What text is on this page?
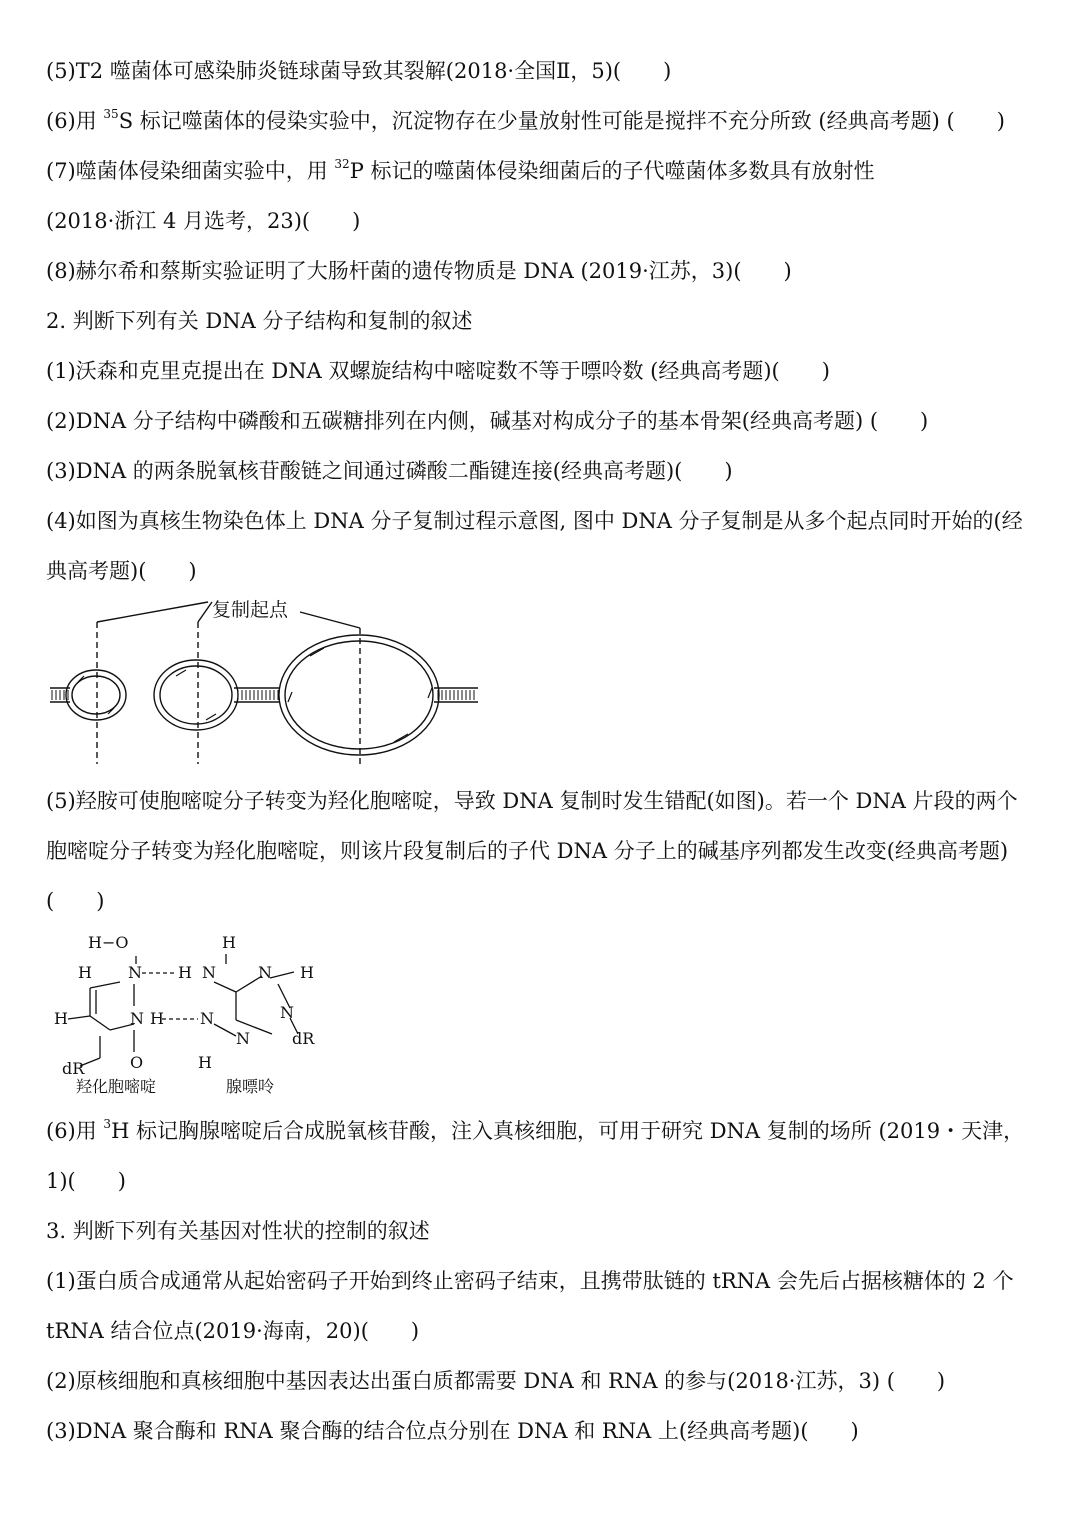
(5)T2 噬菌体可感染肺炎链球菌导致其裂解(2018·全国Ⅱ，5)(　　)
(6)用 $^{35}$S 标记噬菌体的侵染实验中，沉淀物存在少量放射性可能是搅拌不充分所致 (经典高考题) (　　)
(7)噬菌体侵染细菌实验中，用 $^{32}$P 标记的噬菌体侵染细菌后的子代噬菌体多数具有放射性
(2018·浙江 4 月选考，23)(　　)
(8)赫尔希和蔡斯实验证明了大肠杆菌的遗传物质是 DNA (2019·江苏，3)(　　)
2. 判断下列有关 DNA 分子结构和复制的叙述
(1)沃森和克里克提出在 DNA 双螺旋结构中嘧啶数不等于嘌呤数 (经典高考题)(　　)
(2)DNA 分子结构中磷酸和五碳糖排列在内侧，碱基对构成分子的基本骨架(经典高考题) (　　)
(3)DNA 的两条脱氧核苷酸链之间通过磷酸二酯键连接(经典高考题)(　　)
(4)如图为真核生物染色体上 DNA 分子复制过程示意图, 图中 DNA 分子复制是从多个起点同时开始的(经
典高考题)(　　)
复制起点
(5)羟胺可使胞嘧啶分子转变为羟化胞嘧啶，导致 DNA 复制时发生错配(如图)。若一个 DNA 片段的两个
胞嘧啶分子转变为羟化胞嘧啶，则该片段复制后的子代 DNA 分子上的碱基序列都发生改变(经典高考题)
(　　)
H−O
N H
H
N
H
N H
H	N
N H
N
N
O
dR
dR
H
羟化胞嘧啶	腺嘌呤
(6)用 $^3$H 标记胸腺嘧啶后合成脱氧核苷酸，注入真核细胞，可用于研究 DNA 复制的场所 (2019・天津，
1)(　　)
3. 判断下列有关基因对性状的控制的叙述
(1)蛋白质合成通常从起始密码子开始到终止密码子结束，且携带肽链的 tRNA 会先后占据核糖体的 2 个
tRNA 结合位点(2019·海南，20)(　　)
(2)原核细胞和真核细胞中基因表达出蛋白质都需要 DNA 和 RNA 的参与(2018·江苏，3) (　　)
(3)DNA 聚合酶和 RNA 聚合酶的结合位点分别在 DNA 和 RNA 上(经典高考题)(　　)
